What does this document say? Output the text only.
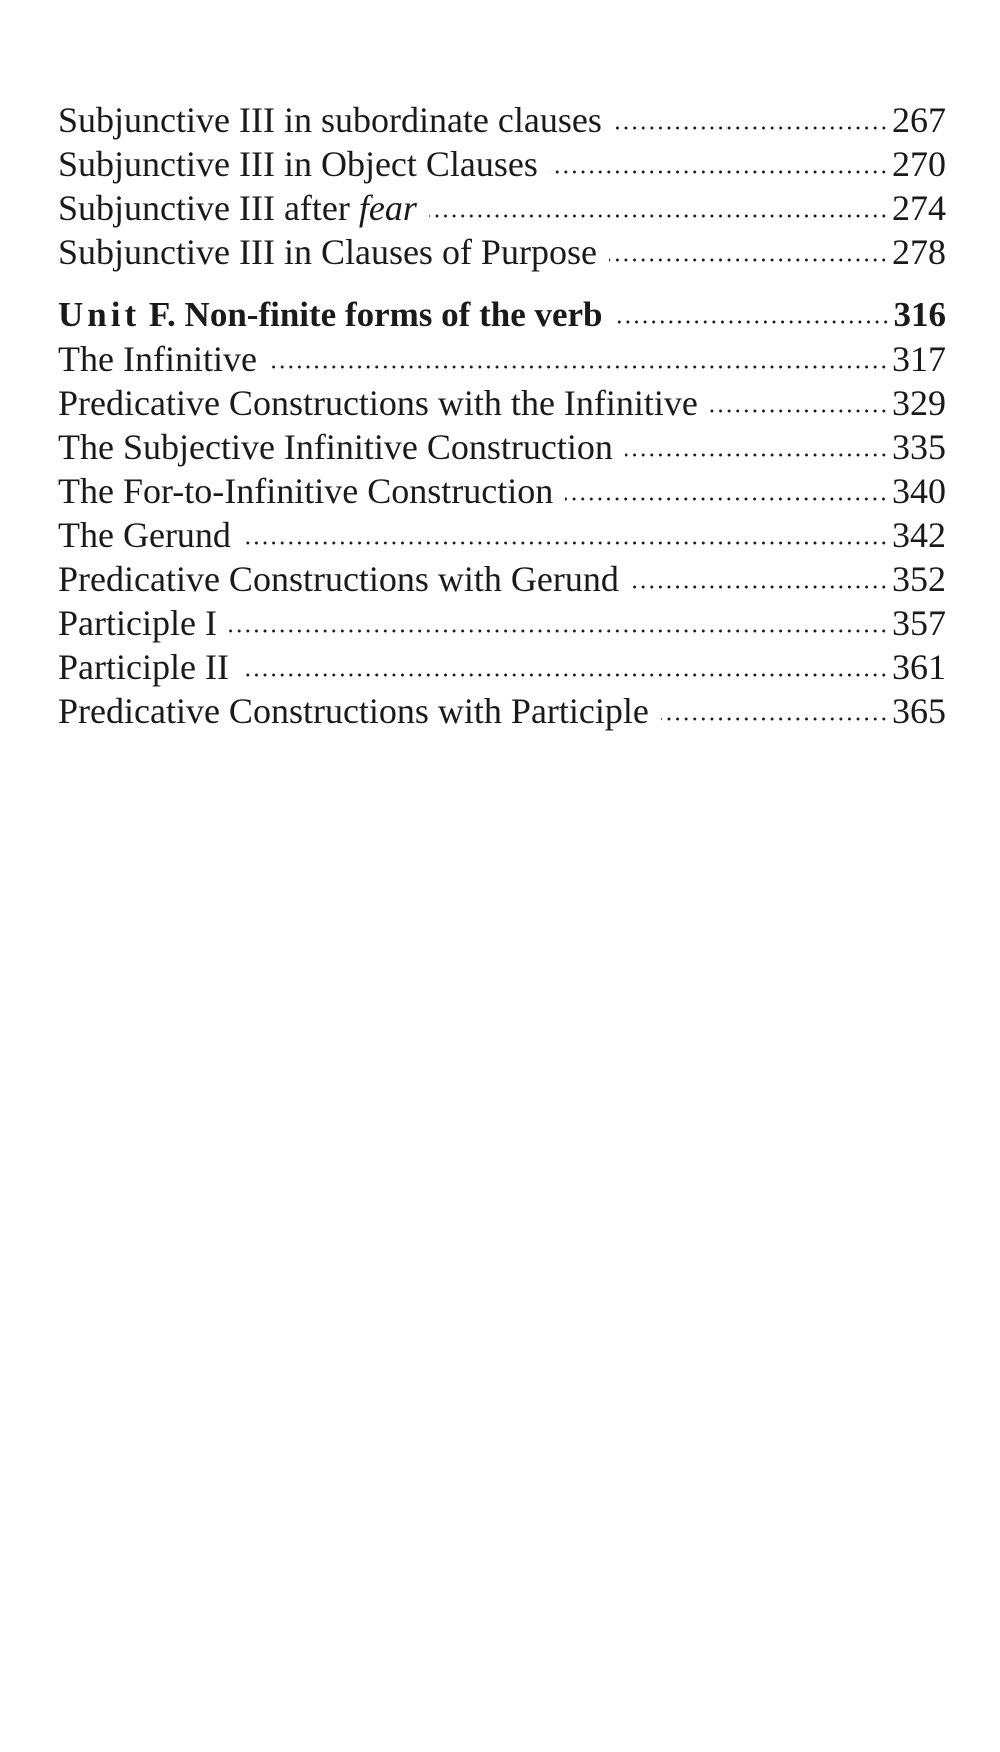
Subjunctive III in subordinate clauses	267
Subjunctive III in Object Clauses	270
Subjunctive III after fear	274
Subjunctive III in Clauses of Purpose	278
Unit F. Non-finite forms of the verb	316
The Infinitive	317
Predicative Constructions with the Infinitive	329
The Subjective Infinitive Construction	335
The For-to-Infinitive Construction	340
The Gerund	342
Predicative Constructions with Gerund	352
Participle I	357
Participle II	361
Predicative Constructions with Participle	365
